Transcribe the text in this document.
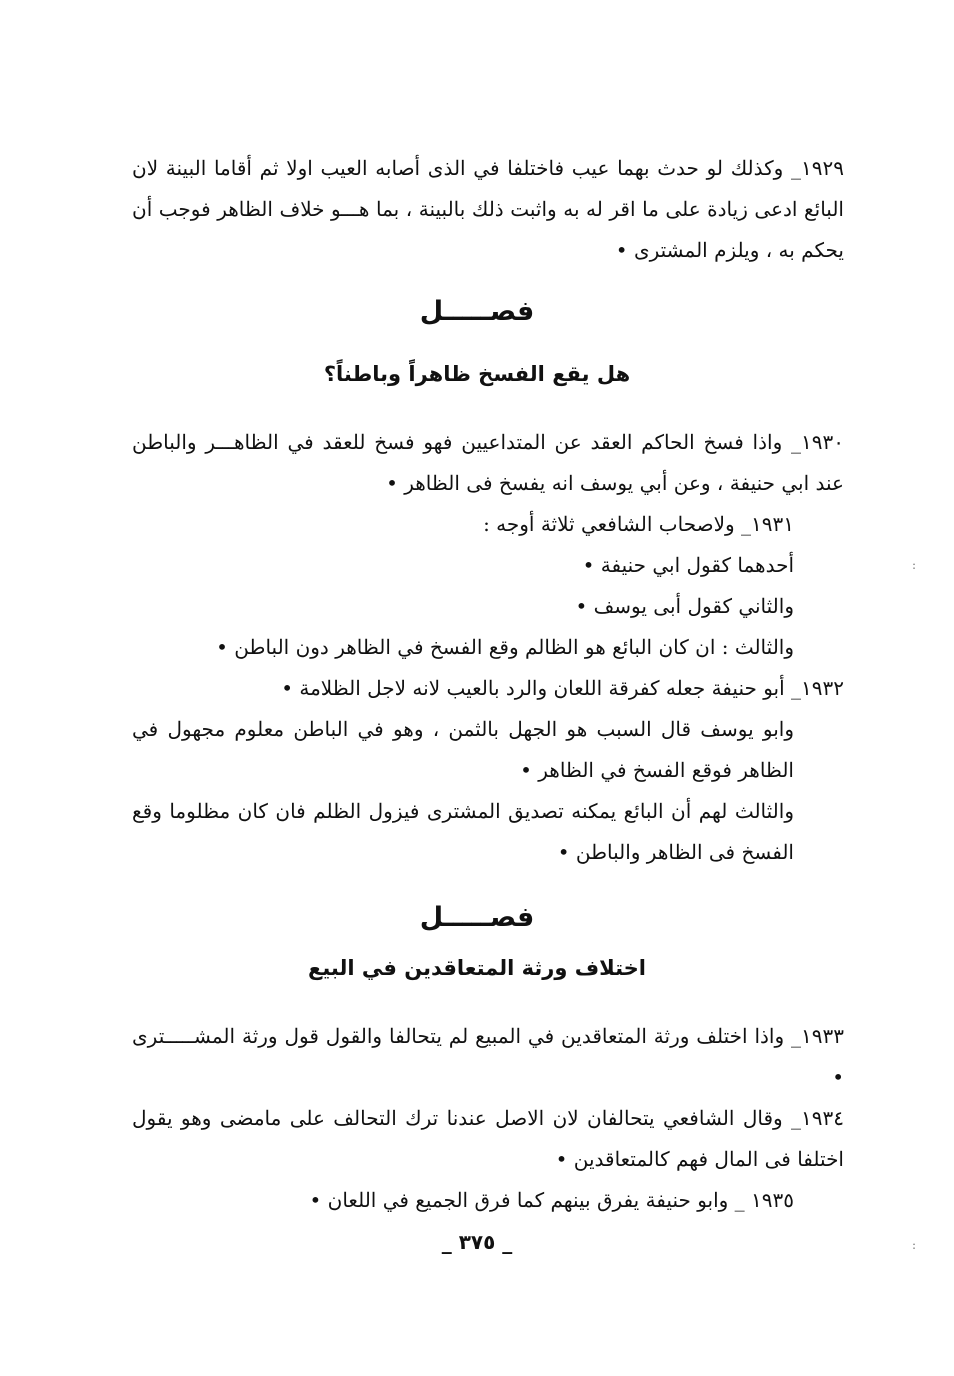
١٩٢٩_ وكذلك لو حدث بهما عيب فاختلفا في الذى أصابه العيب اولا ثم أقاما البينة لان البائع ادعى زيادة على ما اقر له به واثبت ذلك بالبينة ، بما هـــو خلاف الظاهر فوجب أن يحكم به ، ويلزم المشترى •
فصـــــل
هل يقع الفسخ ظاهراً وباطناً؟
١٩٣٠_ واذا فسخ الحاكم العقد عن المتداعيين فهو فسخ للعقد في الظاهـــر والباطن عند ابي حنيفة ، وعن أبي يوسف انه يفسخ فى الظاهر •
١٩٣١_ ولاصحاب الشافعي ثلاثة أوجه :
أحدهما كقول ابي حنيفة •
والثاني كقول أبى يوسف •
والثالث : ان كان البائع هو الظالم وقع الفسخ في الظاهر دون الباطن •
١٩٣٢_ أبو حنيفة جعله كفرقة اللعان والرد بالعيب لانه لاجل الظلامة •
وابو يوسف قال السبب هو الجهل بالثمن ، وهو في الباطن معلوم مجهول في الظاهر فوقع الفسخ في الظاهر •
والثالث لهم أن البائع يمكنه تصديق المشترى فيزول الظلم فان كان مظلوما وقع الفسخ فى الظاهر والباطن •
فصـــــل
اختلاف ورثة المتعاقدين في البيع
١٩٣٣_ واذا اختلف ورثة المتعاقدين في المبيع لم يتحالفا والقول قول ورثة المشـــــترى •
١٩٣٤_ وقال الشافعي يتحالفان لان الاصل عندنا ترك التحالف على مامضى وهو يقول اختلفا فى المال فهم كالمتعاقدين •
١٩٣٥ _ وابو حنيفة يفرق بينهم كما فرق الجميع في اللعان •
_ ٣٧٥ _
:
:
